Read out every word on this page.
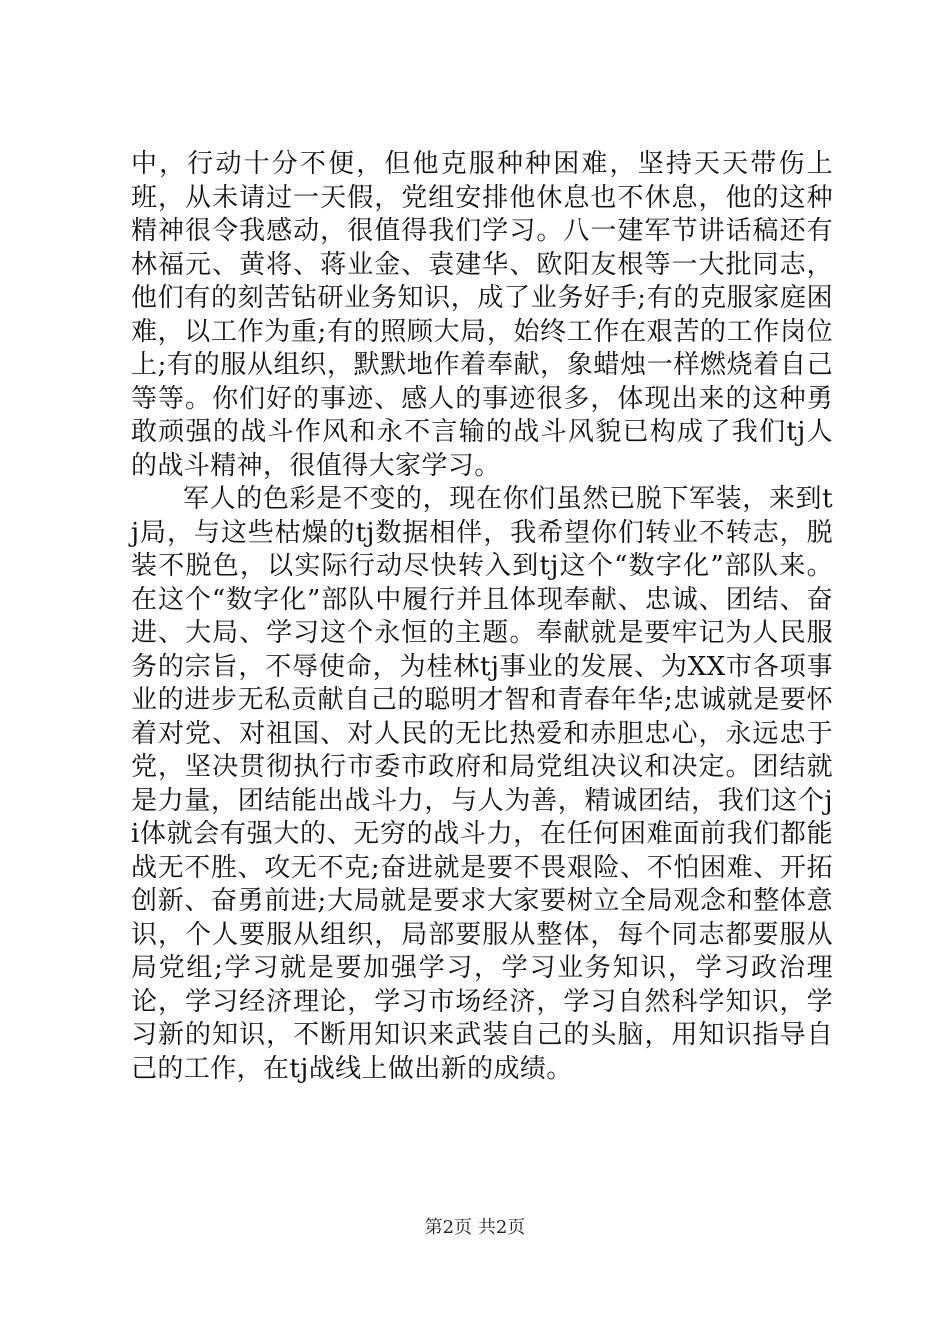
中，行动十分不便，但他克服种种困难，坚持天天带伤上班，从未请过一天假，党组安排他休息也不休息，他的这种精神很令我感动，很值得我们学习。八一建军节讲话稿还有林福元、黄将、蒋业金、袁建华、欧阳友根等一大批同志，他们有的刻苦钻研业务知识，成了业务好手;有的克服家庭困难，以工作为重;有的照顾大局，始终工作在艰苦的工作岗位上;有的服从组织，默默地作着奉献，象蜡烛一样燃烧着自己等等。你们好的事迹、感人的事迹很多，体现出来的这种勇敢顽强的战斗作风和永不言输的战斗风貌已构成了我们tj人的战斗精神，很值得大家学习。

军人的色彩是不变的，现在你们虽然已脱下军装，来到tj局，与这些枯燥的tj数据相伴，我希望你们转业不转志，脱装不脱色，以实际行动尽快转入到tj这个“数字化”部队来。在这个“数字化”部队中履行并且体现奉献、忠诚、团结、奋进、大局、学习这个永恒的主题。奉献就是要牢记为人民服务的宗旨，不辱使命，为桂林tj事业的发展、为XX市各项事业的进步无私贡献自己的聪明才智和青春年华;忠诚就是要怀着对党、对祖国、对人民的无比热爱和赤胆忠心，永远忠于党，坚决贯彻执行市委市政府和局党组决议和决定。团结就是力量，团结能出战斗力，与人为善，精诚团结，我们这个ji体就会有强大的、无穷的战斗力，在任何困难面前我们都能战无不胜、攻无不克;奋进就是要不畏艰险、不怕困难、开拓创新、奋勇前进;大局就是要求大家要树立全局观念和整体意识，个人要服从组织，局部要服从整体，每个同志都要服从局党组;学习就是要加强学习，学习业务知识，学习政治理论，学习经济理论，学习市场经济，学习自然科学知识，学习新的知识，不断用知识来武装自己的头脑，用知识指导自己的工作，在tj战线上做出新的成绩。

第2页 共2页
